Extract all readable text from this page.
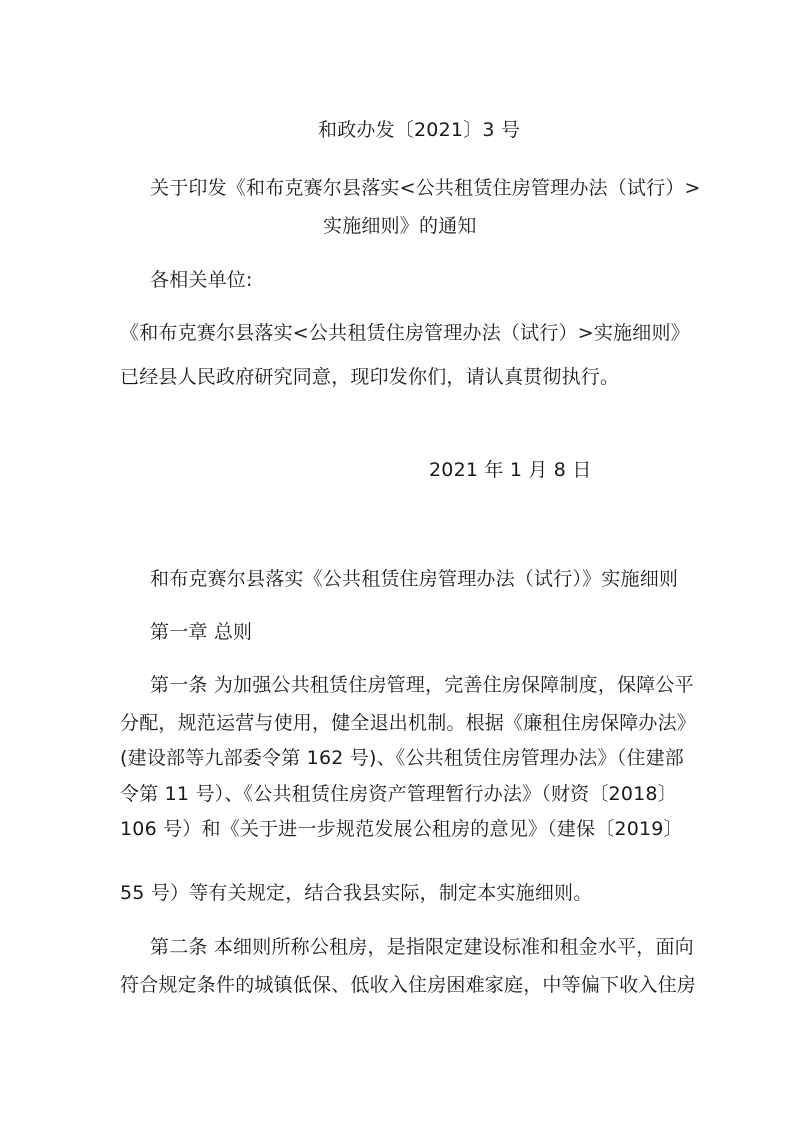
和政办发〔2021〕3 号
关于印发《和布克赛尔县落实<公共租赁住房管理办法（试行）>
实施细则》的通知
各相关单位:
《和布克赛尔县落实<公共租赁住房管理办法（试行）>实施细则》
已经县人民政府研究同意，现印发你们，请认真贯彻执行。
2021 年 1 月 8 日
和布克赛尔县落实《公共租赁住房管理办法（试行）》实施细则
第一章 总则
第一条 为加强公共租赁住房管理，完善住房保障制度，保障公平
分配，规范运营与使用，健全退出机制。根据《廉租住房保障办法》
(建设部等九部委令第 162 号)、《公共租赁住房管理办法》（住建部
令第 11 号）、《公共租赁住房资产管理暂行办法》（财资〔2018〕
106 号）和《关于进一步规范发展公租房的意见》（建保〔2019〕
55 号）等有关规定，结合我县实际，制定本实施细则。
第二条 本细则所称公租房，是指限定建设标准和租金水平，面向
符合规定条件的城镇低保、低收入住房困难家庭，中等偏下收入住房
